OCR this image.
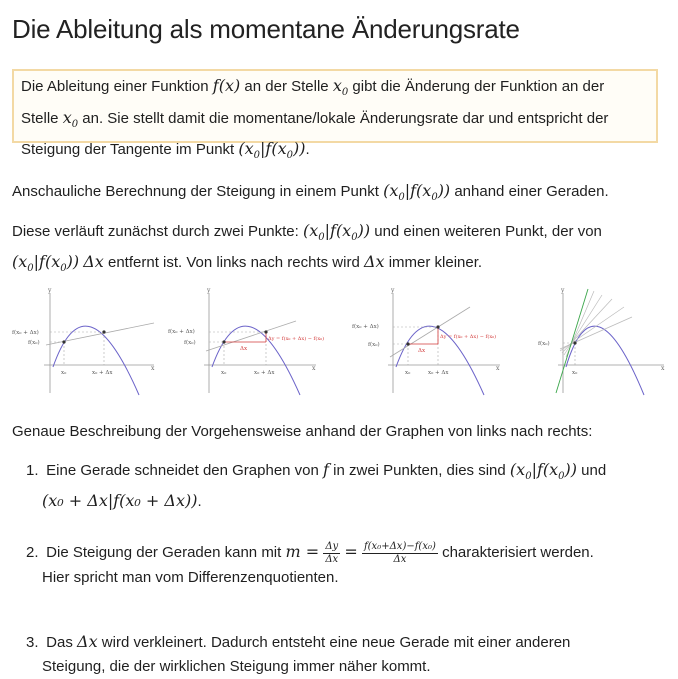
Die Ableitung als momentane Änderungsrate
Die Ableitung einer Funktion f(x) an der Stelle $x_0$ gibt die Änderung der Funktion an der
Stelle $x_0$ an. Sie stellt damit die momentane/lokale Änderungsrate dar und entspricht der
Steigung der Tangente im Punkt $(x_0|f(x_0))$.

Anschauliche Berechnung der Steigung in einem Punkt $(x_0|f(x_0))$ anhand einer Geraden.

Diese verläuft zunächst durch zwei Punkte: $(x_0|f(x_0))$ und einen weiteren Punkt, der von
$(x_0|f(x_0))$ Δx entfernt ist. Von links nach rechts wird Δx immer kleiner.

x
y
f(x₀ + Δx)
f(x₀)
x₀	x₀ + Δx
x
y
f(x₀ + Δx)
f(x₀)
Δx
Δy = f(x₀ + Δx) − f(x₀)
x₀	x₀ + Δx
x
y
f(x₀ + Δx)
f(x₀)
Δx
Δy = f(x₀ + Δx) − f(x₀)
x₀	x₀ + Δx
x
y
f(x₀)
x₀

Genaue Beschreibung der Vorgehensweise anhand der Graphen von links nach rechts:

1. Eine Gerade schneidet den Graphen von f in zwei Punkten, dies sind $(x_0|f(x_0))$ und
(x₀ + Δx|f(x₀ + Δx)).
2. Die Steigung der Geraden kann mit $m = \frac{\Delta y}{\Delta x} = \frac{\text{f(x₀+Δx)−f(x₀)}}{\Delta x}$ charakterisiert werden.
Hier spricht man vom Differenzenquotienten.
3. Das Δx wird verkleinert. Dadurch entsteht eine neue Gerade mit einer anderen
Steigung, die der wirklichen Steigung immer näher kommt.
